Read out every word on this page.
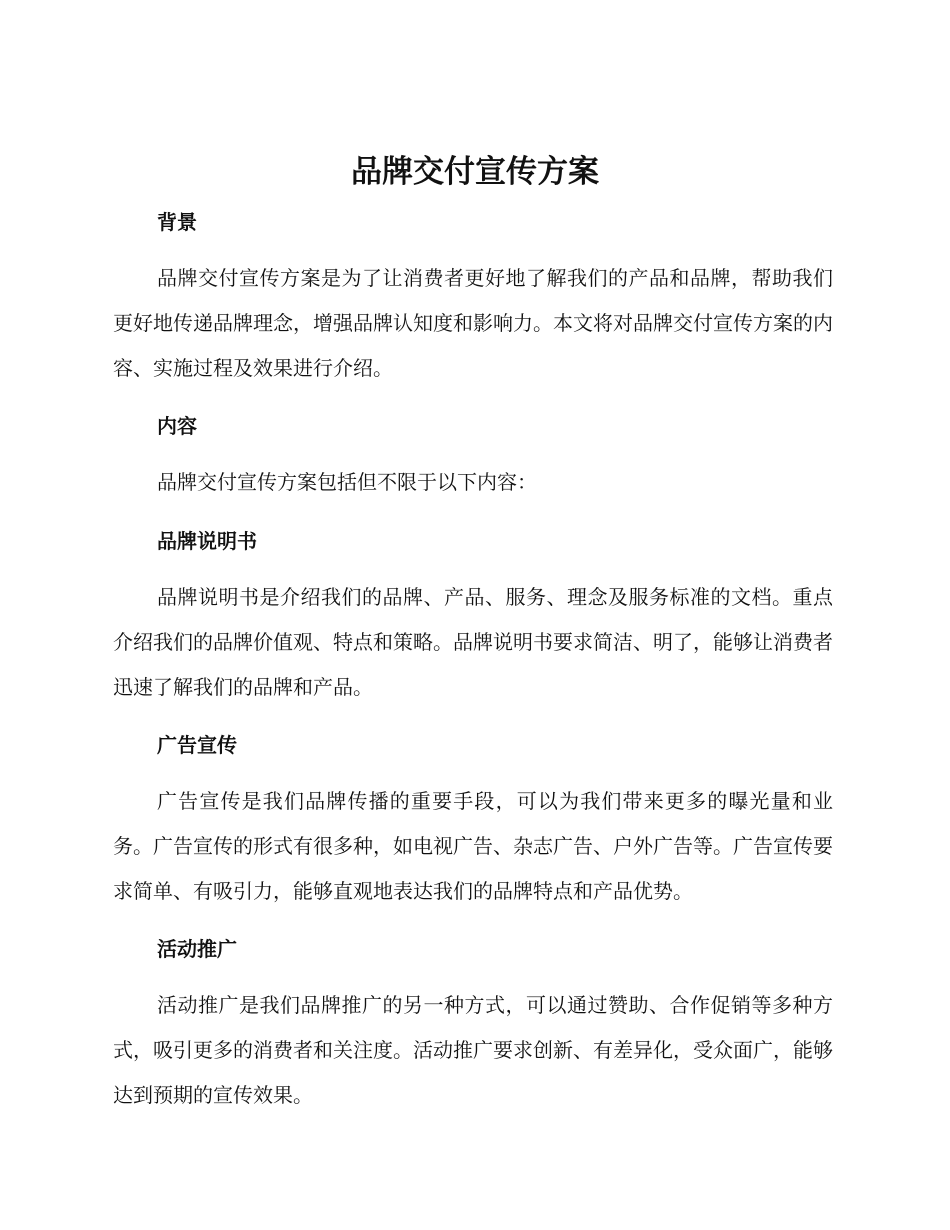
品牌交付宣传方案
背景

品牌交付宣传方案是为了让消费者更好地了解我们的产品和品牌，帮助我们更好地传递品牌理念，增强品牌认知度和影响力。本文将对品牌交付宣传方案的内容、实施过程及效果进行介绍。

内容

品牌交付宣传方案包括但不限于以下内容：

品牌说明书

品牌说明书是介绍我们的品牌、产品、服务、理念及服务标准的文档。重点介绍我们的品牌价值观、特点和策略。品牌说明书要求简洁、明了，能够让消费者迅速了解我们的品牌和产品。

广告宣传

广告宣传是我们品牌传播的重要手段，可以为我们带来更多的曝光量和业务。广告宣传的形式有很多种，如电视广告、杂志广告、户外广告等。广告宣传要求简单、有吸引力，能够直观地表达我们的品牌特点和产品优势。

活动推广

活动推广是我们品牌推广的另一种方式，可以通过赞助、合作促销等多种方式，吸引更多的消费者和关注度。活动推广要求创新、有差异化，受众面广，能够达到预期的宣传效果。
